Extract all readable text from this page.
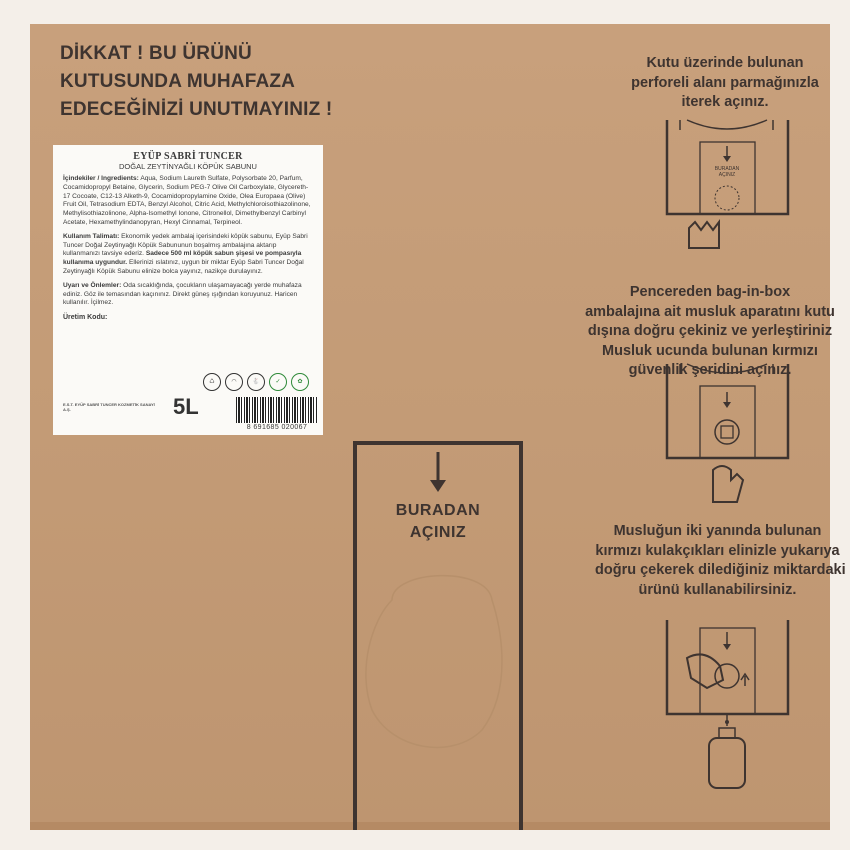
DİKKAT ! BU ÜRÜNÜ
KUTUSUNDA MUHAFAZA
EDECEĞİNİZİ UNUTMAYINIZ !
EYÜP SABRİ TUNCER
DOĞAL ZEYTİNYAĞLI KÖPÜK SABUNU

İçindekiler / Ingredients: Aqua, Sodium Laureth Sulfate, Polysorbate 20, Parfum, Cocamidopropyl Betaine, Glycerin, Sodium PEG-7 Olive Oil Carboxylate, Glycereth-17 Cocoate, C12-13 Alketh-9, Cocamidopropylamine Oxide, Olea Europaea (Olive) Fruit Oil, Tetrasodium EDTA, Benzyl Alcohol, Citric Acid, Methylchloroisothiazolinone, Methylisothiazolinone, Alpha-Isomethyl Ionone, Citronellol, Dimethylbenzyl Carbinyl Acetate, Hexamethylindanopyran, Hexyl Cinnamal, Terpineol.

Kullanım Talimatı: Ekonomik yedek ambalaj içerisindeki köpük sabunu, Eyüp Sabri Tuncer Doğal Zeytinyağlı Köpük Sabununun boşalmış ambalajına aktarıp kullanmanızı tavsiye ederiz. Sadece 500 ml köpük sabun şişesi ve pompasıyla kullanıma uygundur. Ellerinizi ıslatınız, uygun bir miktar Eyüp Sabri Tuncer Doğal Zeytinyağlı Köpük Sabunu elinize bolca yayınız, nazikçe durulayınız.

Uyarı ve Önlemler: Oda sıcaklığında, çocukların ulaşamayacağı yerde muhafaza ediniz. Göz ile temasından kaçınınız. Direkt güneş ışığından koruyunuz. Haricen kullanılır. İçilmez.

Üretim Kodu:
♺	◠	🐇	✓	✿
E.S.T. EYÜP SABRİ TUNCER KOZMETİK SANAYİ A.Ş.	5L
8 691685 020067
BURADAN
AÇINIZ
Kutu üzerinde bulunan
perforeli alanı parmağınızla
iterek açınız.
BURADAN
AÇINIZ
Pencereden bag-in-box
ambalajına ait musluk aparatını kutu
dışına doğru çekiniz ve yerleştiriniz
Musluk ucunda bulunan kırmızı
güvenlik şeridini açınız.
Musluğun iki yanında bulunan
kırmızı kulakçıkları elinizle yukarıya
doğru çekerek dilediğiniz miktardaki
ürünü kullanabilirsiniz.
